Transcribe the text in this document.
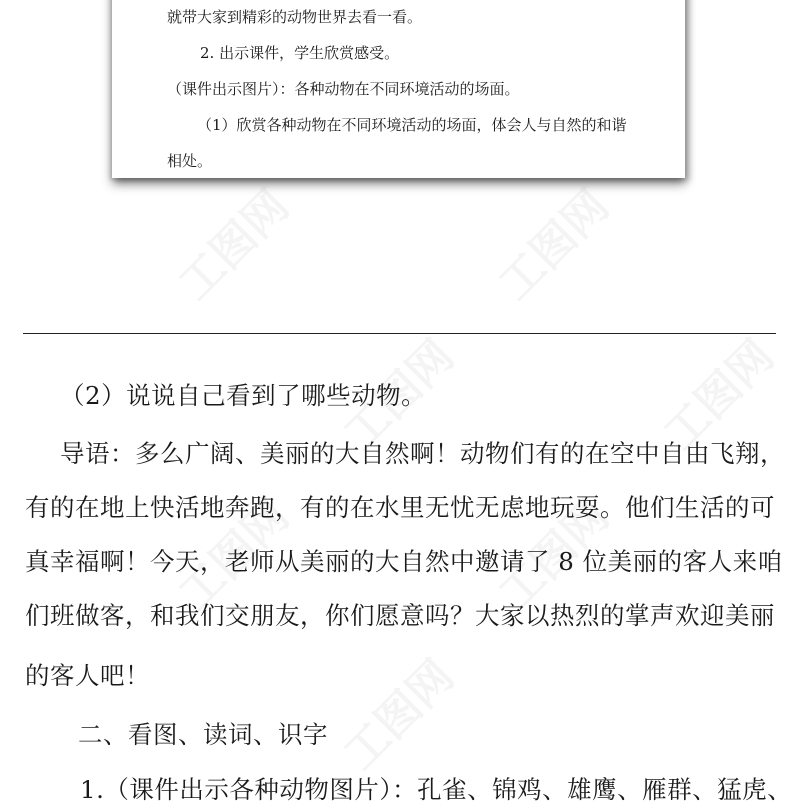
工图网	工图网
工图网	工图网
工图网	工图网
工图网

就带大家到精彩的动物世界去看一看。

2. 出示课件，学生欣赏感受。

（课件出示图片）：各种动物在不同环境活动的场面。

（1）欣赏各种动物在不同环境活动的场面，体会人与自然的和谐

相处。

（2）说说自己看到了哪些动物。

导语：多么广阔、美丽的大自然啊！动物们有的在空中自由飞翔，

有的在地上快活地奔跑，有的在水里无忧无虑地玩耍。他们生活的可

真幸福啊！今天，老师从美丽的大自然中邀请了 8 位美丽的客人来咱

们班做客，和我们交朋友，你们愿意吗？大家以热烈的掌声欢迎美丽

的客人吧！

二、看图、读词、识字

1.（课件出示各种动物图片）：孔雀、锦鸡、雄鹰、雁群、猛虎、
